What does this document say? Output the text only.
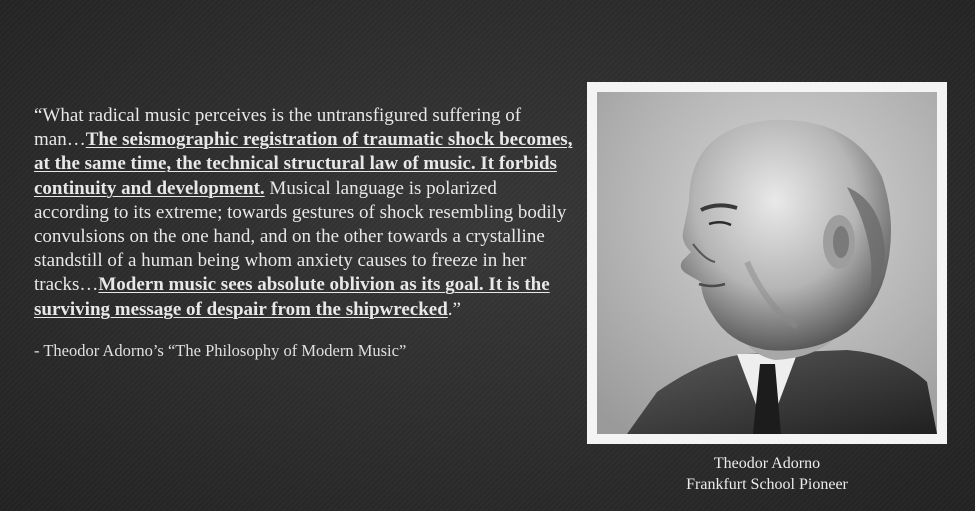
“What radical music perceives is the untransfigured suffering of man…The seismographic registration of traumatic shock becomes, at the same time, the technical structural law of music. It forbids continuity and development. Musical language is polarized according to its extreme; towards gestures of shock resembling bodily convulsions on the one hand, and on the other towards a crystalline standstill of a human being whom anxiety causes to freeze in her tracks…Modern music sees absolute oblivion as its goal. It is the surviving message of despair from the shipwrecked.”

- Theodor Adorno’s “The Philosophy of Modern Music”

Theodor Adorno
Frankfurt School Pioneer
